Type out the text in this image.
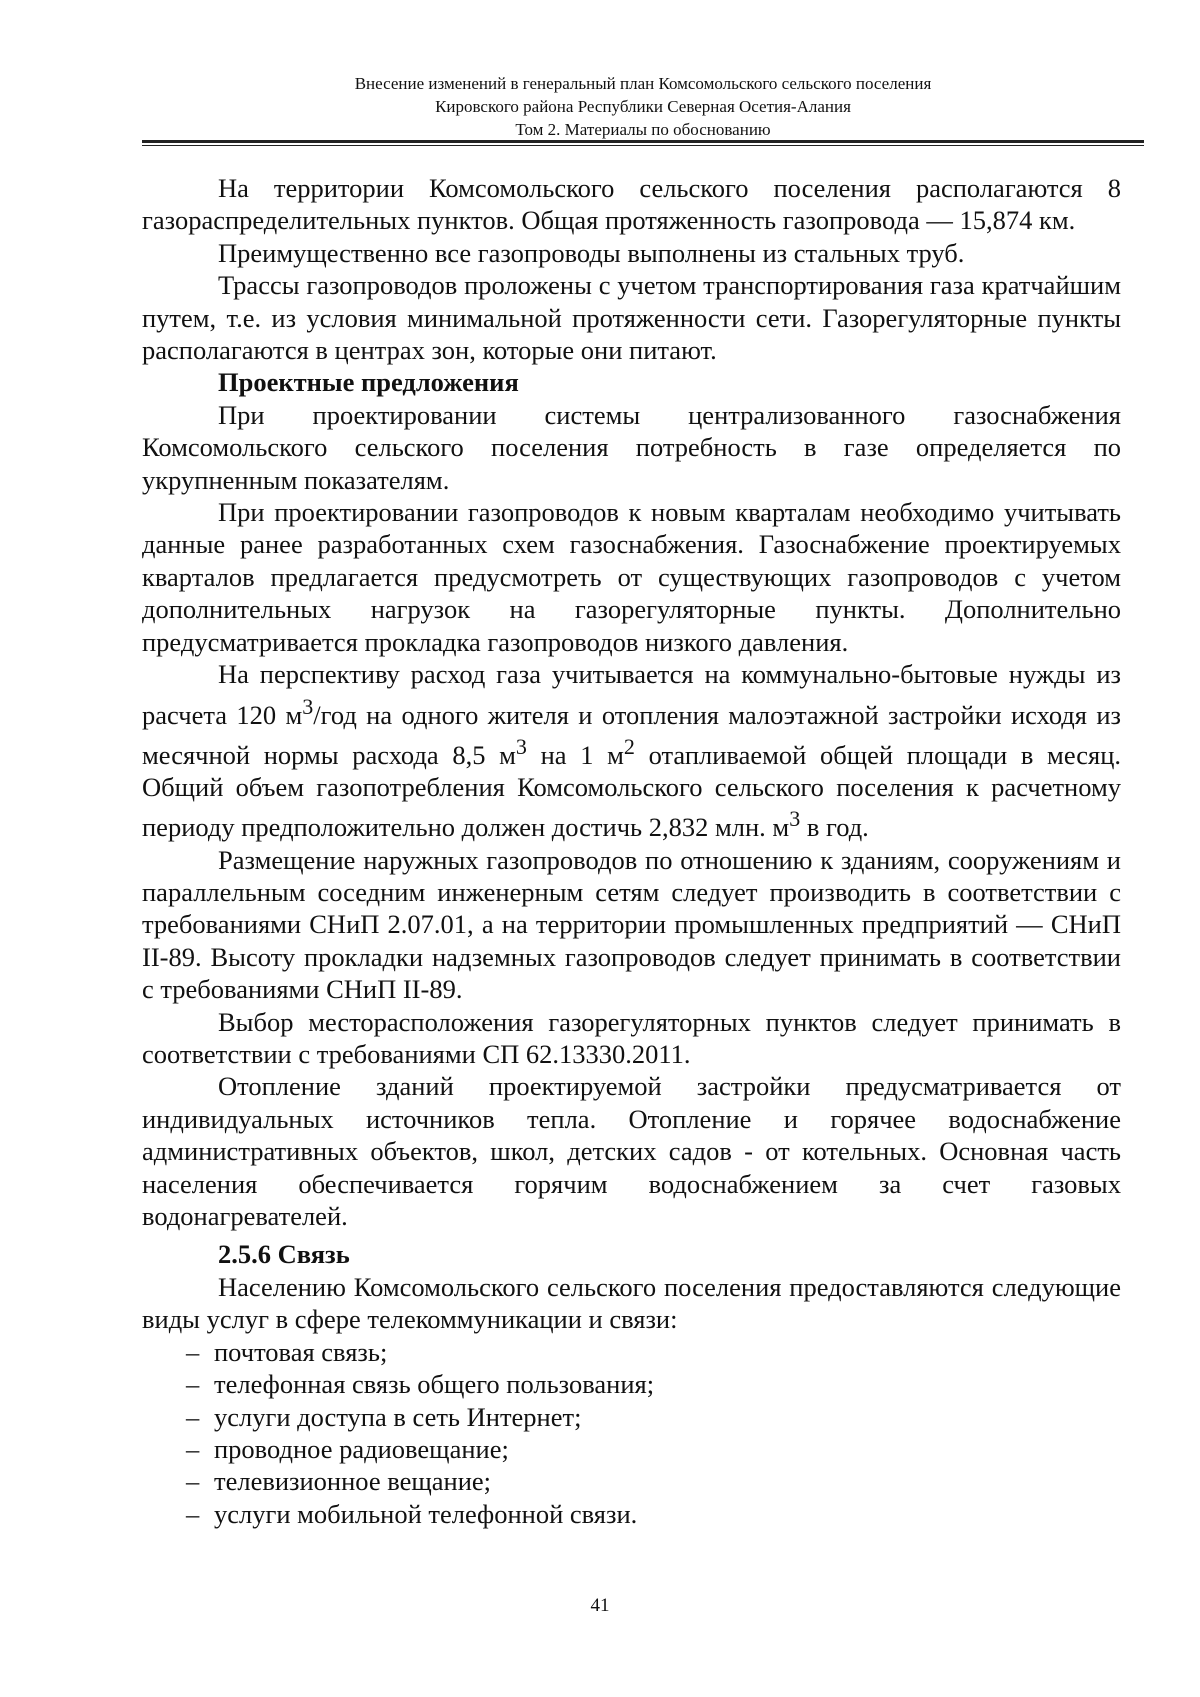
Внесение изменений в генеральный план Комсомольского сельского поселения
Кировского района Республики Северная Осетия-Алания
Том 2. Материалы по обоснованию

На территории Комсомольского сельского поселения располагаются 8 газораспределительных пунктов. Общая протяженность газопровода — 15,874 км.

Преимущественно все газопроводы выполнены из стальных труб.

Трассы газопроводов проложены с учетом транспортирования газа кратчайшим путем, т.е. из условия минимальной протяженности сети. Газорегуляторные пункты располагаются в центрах зон, которые они питают.

Проектные предложения

При проектировании системы централизованного газоснабжения Комсомольского сельского поселения потребность в газе определяется по укрупненным показателям.

При проектировании газопроводов к новым кварталам необходимо учитывать данные ранее разработанных схем газоснабжения. Газоснабжение проектируемых кварталов предлагается предусмотреть от существующих газопроводов с учетом дополнительных нагрузок на газорегуляторные пункты. Дополнительно предусматривается прокладка газопроводов низкого давления.

На перспективу расход газа учитывается на коммунально-бытовые нужды из расчета 120 $м^3$/год на одного жителя и отопления малоэтажной застройки исходя из месячной нормы расхода 8,5 $м^3$ на 1 $м^2$ отапливаемой общей площади в месяц. Общий объем газопотребления Комсомольского сельского поселения к расчетному периоду предположительно должен достичь 2,832 млн. $м^3$ в год.

Размещение наружных газопроводов по отношению к зданиям, сооружениям и параллельным соседним инженерным сетям следует производить в соответствии с требованиями СНиП 2.07.01, а на территории промышленных предприятий — СНиП II-89. Высоту прокладки надземных газопроводов следует принимать в соответствии с требованиями СНиП II-89.

Выбор месторасположения газорегуляторных пунктов следует принимать в соответствии с требованиями СП 62.13330.2011.

Отопление зданий проектируемой застройки предусматривается от индивидуальных источников тепла. Отопление и горячее водоснабжение административных объектов, школ, детских садов - от котельных. Основная часть населения обеспечивается горячим водоснабжением за счет газовых водонагревателей.

2.5.6 Связь

Населению Комсомольского сельского поселения предоставляются следующие виды услуг в сфере телекоммуникации и связи:

– почтовая связь;
– телефонная связь общего пользования;
– услуги доступа в сеть Интернет;
– проводное радиовещание;
– телевизионное вещание;
– услуги мобильной телефонной связи.
41
